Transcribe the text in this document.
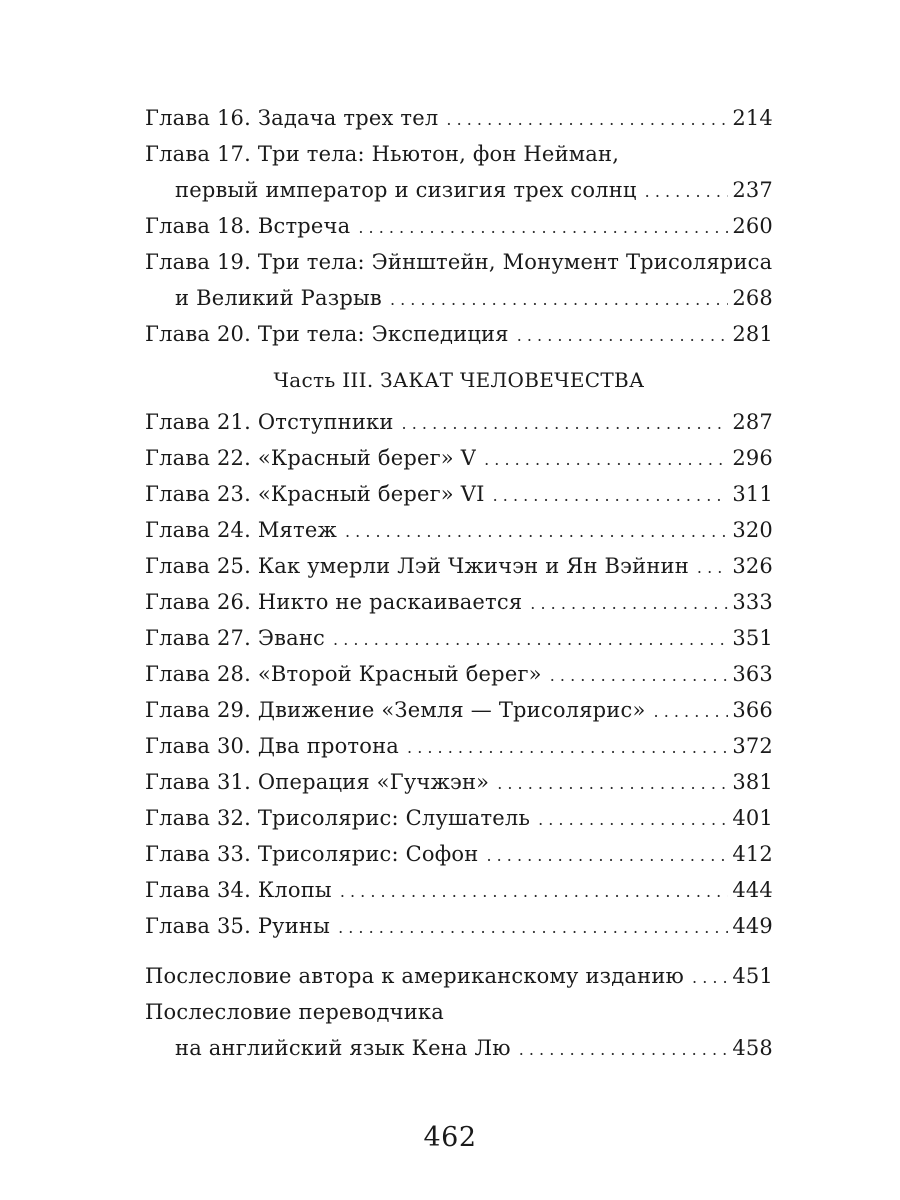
Глава 16. Задача трех тел . . .	214
Глава 17. Три тела: Ньютон, фон Нейман,
первый император и сизигия трех солнц . . .	237
Глава 18. Встреча . . .	260
Глава 19. Три тела: Эйнштейн, Монумент Трисоляриса
и Великий Разрыв . . .	268
Глава 20. Три тела: Экспедиция . . .	281
Часть III. ЗАКАТ ЧЕЛОВЕЧЕСТВА
Глава 21. Отступники . . .	287
Глава 22. «Красный берег» V . . .	296
Глава 23. «Красный берег» VI . . .	311
Глава 24. Мятеж . . .	320
Глава 25. Как умерли Лэй Чжичэн и Ян Вэйнин . . . 326
Глава 26. Никто не раскаивается . . .	333
Глава 27. Эванс . . .	351
Глава 28. «Второй Красный берег» . . .	363
Глава 29. Движение «Земля — Трисолярис» . . .	366
Глава 30. Два протона . . .	372
Глава 31. Операция «Гучжэн» . . .	381
Глава 32. Трисолярис: Слушатель . . .	401
Глава 33. Трисолярис: Софон . . .	412
Глава 34. Клопы . . .	444
Глава 35. Руины . . .	449
Послесловие автора к американскому изданию . . . 451
Послесловие переводчика
на английский язык Кена Лю . . .	458
462
